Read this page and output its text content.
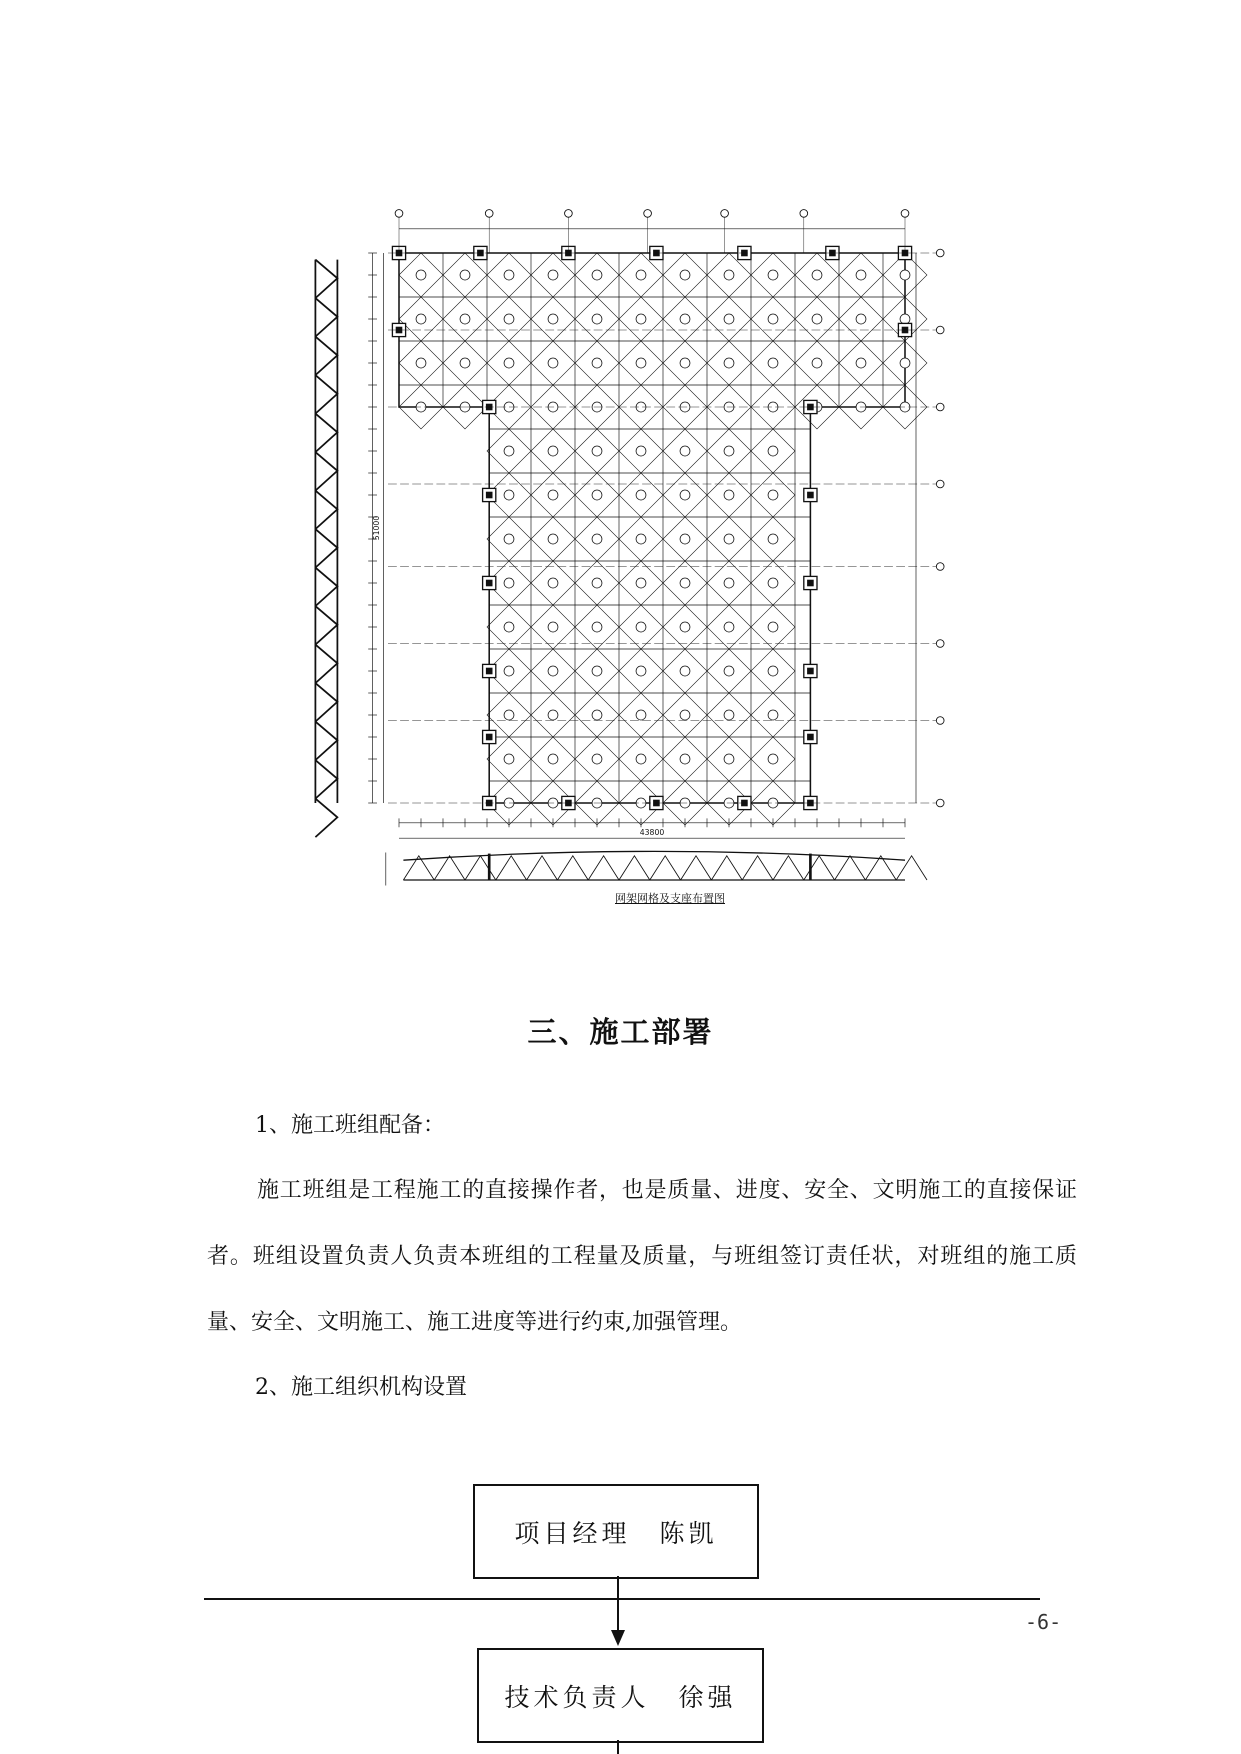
43800
51000
网架网格及支座布置图
三、施工部署
1、施工班组配备：
施工班组是工程施工的直接操作者，也是质量、进度、安全、文明施工的直接保证者。班组设置负责人负责本班组的工程量及质量，与班组签订责任状，对班组的施工质量、安全、文明施工、施工进度等进行约束,加强管理。
2、施工组织机构设置
项目经理　陈凯
-6-
技术负责人　徐强
